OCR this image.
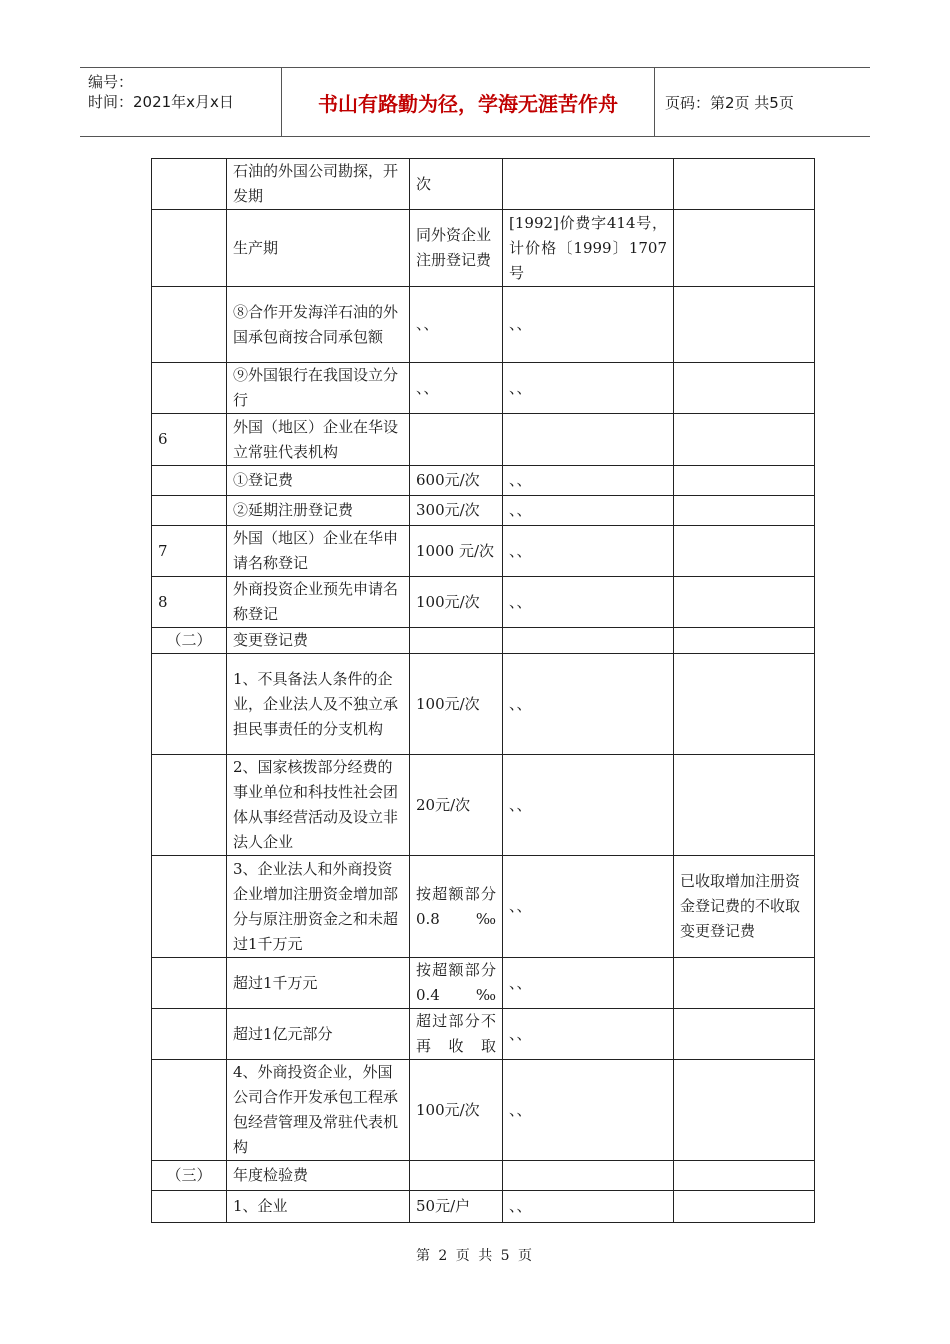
编号：
时间：2021年x月x日	书山有路勤为径，学海无涯苦作舟	页码：第2页 共5页
	石油的外国公司勘探，开发期	次		
	生产期	同外资企业注册登记费	[1992]价费字414号，计价格〔1999〕1707号	
	⑧合作开发海洋石油的外国承包商按合同承包额	、、	、、	
	⑨外国银行在我国设立分行	、、	、、	
6	外国（地区）企业在华设立常驻代表机构			
	①登记费	600元/次	、、	
	②延期注册登记费	300元/次	、、	
7	外国（地区）企业在华申请名称登记	1000 元/次	、、	
8	外商投资企业预先申请名称登记	100元/次	、、	
（二）	变更登记费			
	1、不具备法人条件的企业，企业法人及不独立承担民事责任的分支机构	100元/次	、、	
	2、国家核拨部分经费的事业单位和科技性社会团体从事经营活动及设立非法人企业	20元/次	、、	
	3、企业法人和外商投资企业增加注册资金增加部分与原注册资金之和未超过1千万元	按超额部分0.8‰	、、	已收取增加注册资金登记费的不收取变更登记费
	超过1千万元	按超额部分0.4‰	、、	
	超过1亿元部分	超过部分不再收取	、、	
	4、外商投资企业，外国公司合作开发承包工程承包经营管理及常驻代表机构	100元/次	、、	
（三）	年度检验费			
	1、企业	50元/户	、、	
第 2 页 共 5 页
